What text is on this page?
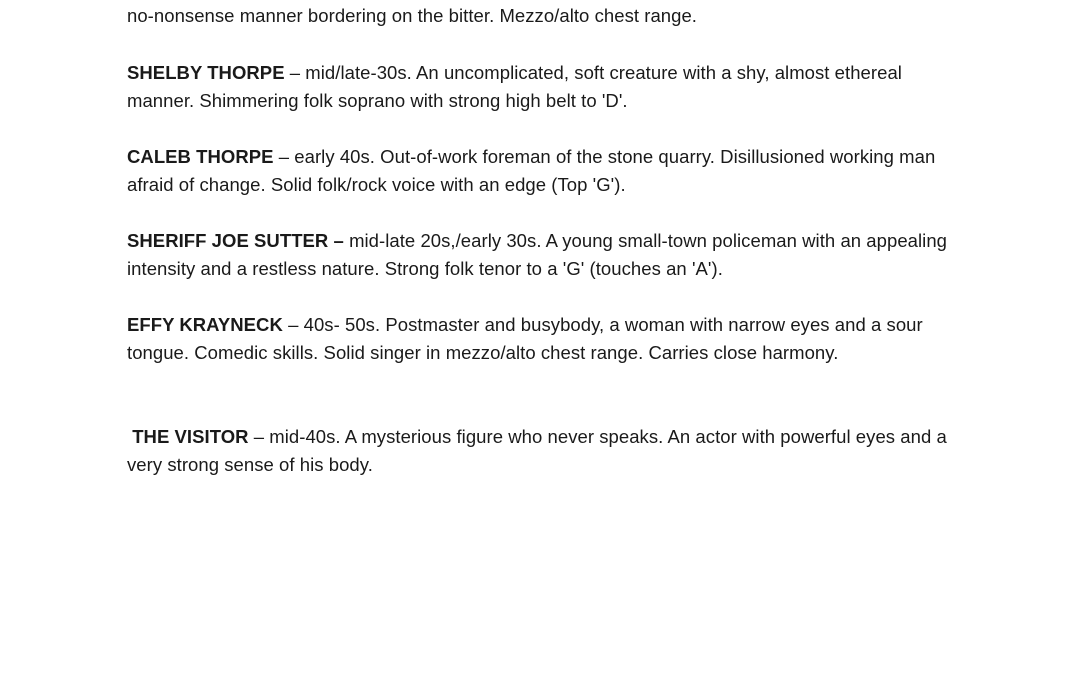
no-nonsense manner bordering on the bitter. Mezzo/alto chest range.

SHELBY THORPE – mid/late-30s. An uncomplicated, soft creature with a shy, almost ethereal manner. Shimmering folk soprano with strong high belt to 'D'.

CALEB THORPE – early 40s. Out-of-work foreman of the stone quarry. Disillusioned working man afraid of change. Solid folk/rock voice with an edge (Top 'G').

SHERIFF JOE SUTTER – mid-late 20s,/early 30s. A young small-town policeman with an appealing intensity and a restless nature. Strong folk tenor to a 'G' (touches an 'A').

EFFY KRAYNECK – 40s- 50s. Postmaster and busybody, a woman with narrow eyes and a sour tongue. Comedic skills. Solid singer in mezzo/alto chest range. Carries close harmony.

THE VISITOR – mid-40s. A mysterious figure who never speaks. An actor with powerful eyes and a very strong sense of his body.
